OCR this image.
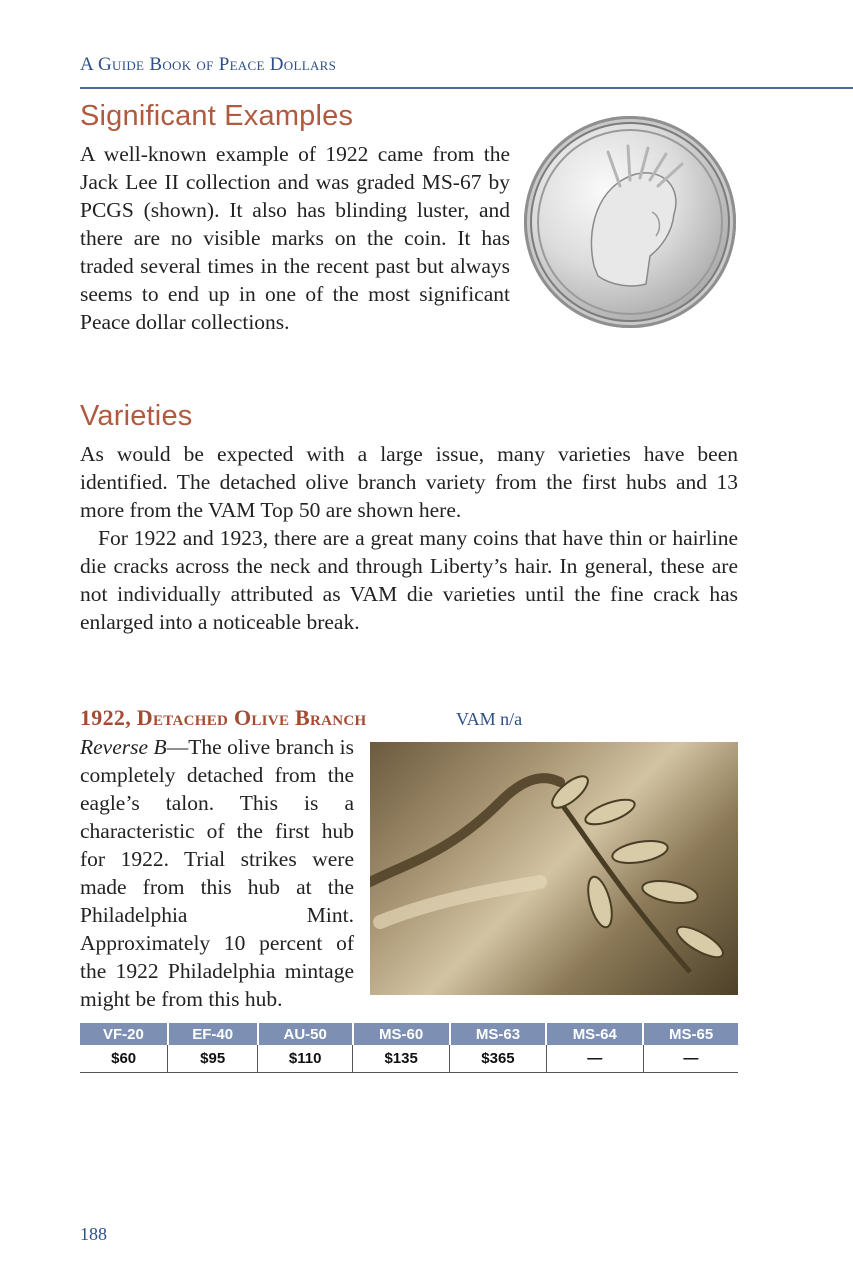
A Guide Book of Peace Dollars
Significant Examples

A well-known example of 1922 came from the Jack Lee II collection and was graded MS-67 by PCGS (shown). It also has blinding luster, and there are no visible marks on the coin. It has traded several times in the recent past but always seems to end up in one of the most significant Peace dollar collections.

Varieties

As would be expected with a large issue, many varieties have been identified. The detached olive branch variety from the first hubs and 13 more from the VAM Top 50 are shown here.

For 1922 and 1923, there are a great many coins that have thin or hairline die cracks across the neck and through Liberty’s hair. In general, these are not individually attributed as VAM die varieties until the fine crack has enlarged into a noticeable break.

1922, Detached Olive Branch	VAM n/a

Reverse B—The olive branch is completely detached from the eagle’s talon. This is a characteristic of the first hub for 1922. Trial strikes were made from this hub at the Philadelphia Mint. Approximately 10 percent of the 1922 Philadelphia mintage might be from this hub.

VF-20	EF-40	AU-50	MS-60	MS-63	MS-64	MS-65
$60	$95	$110	$135	$365	—	—
188
